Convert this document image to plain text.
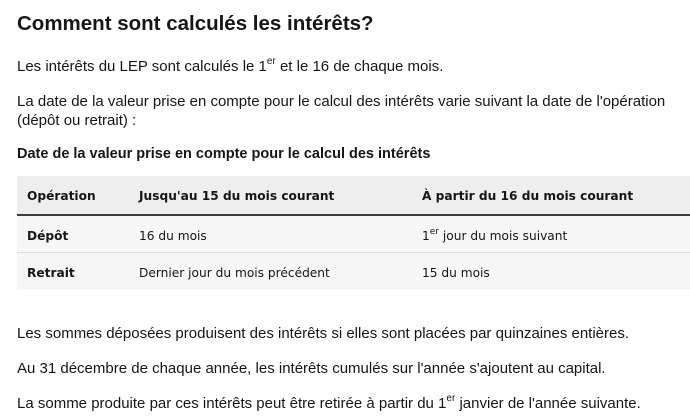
Comment sont calculés les intérêts?

Les intérêts du LEP sont calculés le 1er et le 16 de chaque mois.

La date de la valeur prise en compte pour le calcul des intérêts varie suivant la date de l'opération

(dépôt ou retrait) :

Date de la valeur prise en compte pour le calcul des intérêts
Opération	Jusqu'au 15 du mois courant	À partir du 16 du mois courant
Dépôt	16 du mois	1er jour du mois suivant
Retrait	Dernier jour du mois précédent	15 du mois

Les sommes déposées produisent des intérêts si elles sont placées par quinzaines entières.

Au 31 décembre de chaque année, les intérêts cumulés sur l'année s'ajoutent au capital.

La somme produite par ces intérêts peut être retirée à partir du 1er janvier de l'année suivante.
